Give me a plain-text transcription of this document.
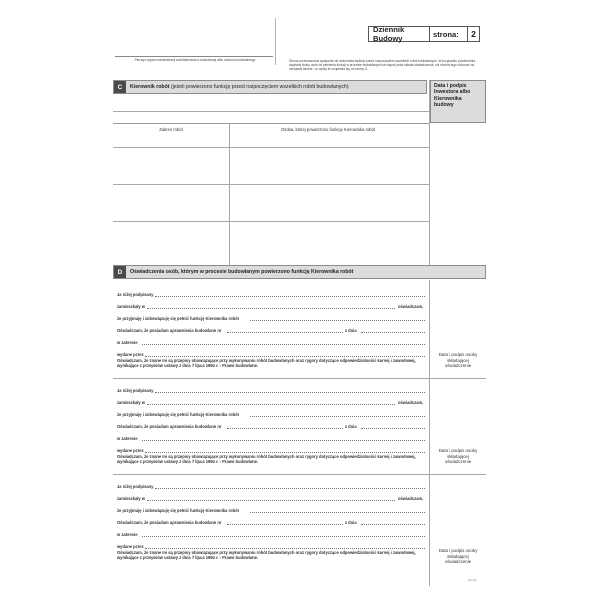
Pieczęć organu administracji architektoniczno-budowlanej albo nadzoru budowlanego
Dziennik Budowy	strona:	2
Strona przeznaczona wyłącznie do dokonania wpisów przed rozpoczęciem wszelkich robót budowlanych. W przypadku powierzenia większej liczby osób do pełnienia funkcji w procesie budowlanym lub więcej osób składa oświadczenia, niż można tego dokonać na niniejszej stronie - to wpisy te uzupełnia się od strony 3.
C	Kierownik robót (jeżeli powierzono funkcję przed rozpoczęciem wszelkich robót budowlanych)	Data i podpis Inwestora albo Kierownika budowy
Zakres robót	Osoba, której powierzono funkcję Kierownika robót
D	Oświadczenia osób, którym w procesie budowlanym powierzono funkcję Kierownika robót
Ja niżej podpisany
zamieszkały w	oświadczam,
że przyjmuję i zobowiązuję się pełnić funkcję Kierownika robót
Oświadczam, że posiadam uprawnienia budowlane nr	z dnia
w zakresie
wydane przez
Oświadczam, że znane mi są przepisy obowiązujące przy wykonywaniu robót budowlanych oraz rygory dotyczące odpowiedzialności karnej i zawodowej, wynikające z przepisów ustawy z dnia 7 lipca 1994 r. - Prawo budowlane.
Data i podpis osoby składającej oświadczenie
Ja niżej podpisany
zamieszkały w	oświadczam,
że przyjmuję i zobowiązuję się pełnić funkcję Kierownika robót
Oświadczam, że posiadam uprawnienia budowlane nr	z dnia
w zakresie
wydane przez
Oświadczam, że znane mi są przepisy obowiązujące przy wykonywaniu robót budowlanych oraz rygory dotyczące odpowiedzialności karnej i zawodowej, wynikające z przepisów ustawy z dnia 7 lipca 1994 r. - Prawo budowlane.
Data i podpis osoby składającej oświadczenie
Ja niżej podpisany
zamieszkały w	oświadczam,
że przyjmuję i zobowiązuję się pełnić funkcję Kierownika robót
Oświadczam, że posiadam uprawnienia budowlane nr	z dnia
w zakresie
wydane przez
Oświadczam, że znane mi są przepisy obowiązujące przy wykonywaniu robót budowlanych oraz rygory dotyczące odpowiedzialności karnej i zawodowej, wynikające z przepisów ustawy z dnia 7 lipca 1994 r. - Prawo budowlane.
Data i podpis osoby składającej oświadczenie
(cz.c2)
